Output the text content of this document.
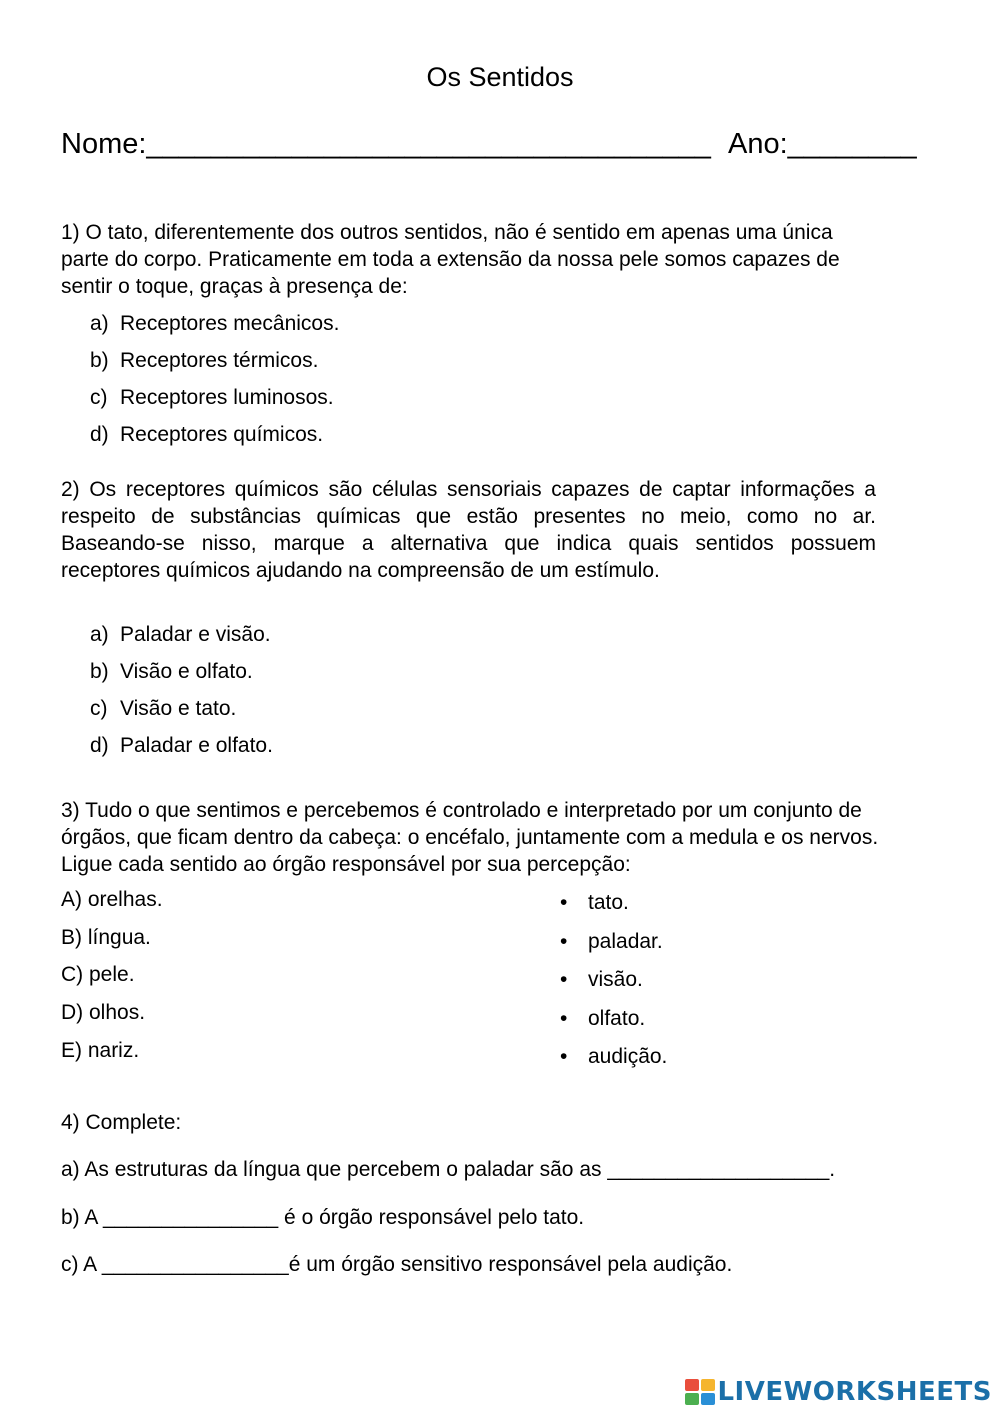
Os Sentidos
Nome:___________________________________ Ano:________
1) O tato, diferentemente dos outros sentidos, não é sentido em apenas uma única parte do corpo. Praticamente em toda a extensão da nossa pele somos capazes de sentir o toque, graças à presença de:
a) Receptores mecânicos.
b) Receptores térmicos.
c) Receptores luminosos.
d) Receptores químicos.
2) Os receptores químicos são células sensoriais capazes de captar informações a respeito de substâncias químicas que estão presentes no meio, como no ar. Baseando-se nisso, marque a alternativa que indica quais sentidos possuem receptores químicos ajudando na compreensão de um estímulo.
a) Paladar e visão.
b) Visão e olfato.
c) Visão e tato.
d) Paladar e olfato.
3) Tudo o que sentimos e percebemos é controlado e interpretado por um conjunto de órgãos, que ficam dentro da cabeça: o encéfalo, juntamente com a medula e os nervos. Ligue cada sentido ao órgão responsável por sua percepção:
A) orelhas.
B) língua.
C) pele.
D) olhos.
E) nariz.
• tato.
• paladar.
• visão.
• olfato.
• audição.
4) Complete:
a) As estruturas da língua que percebem o paladar são as ___________________.
b) A _______________ é o órgão responsável pelo tato.
c) A ________________é um órgão sensitivo responsável pela audição.
LIVEWORKSHEETS
